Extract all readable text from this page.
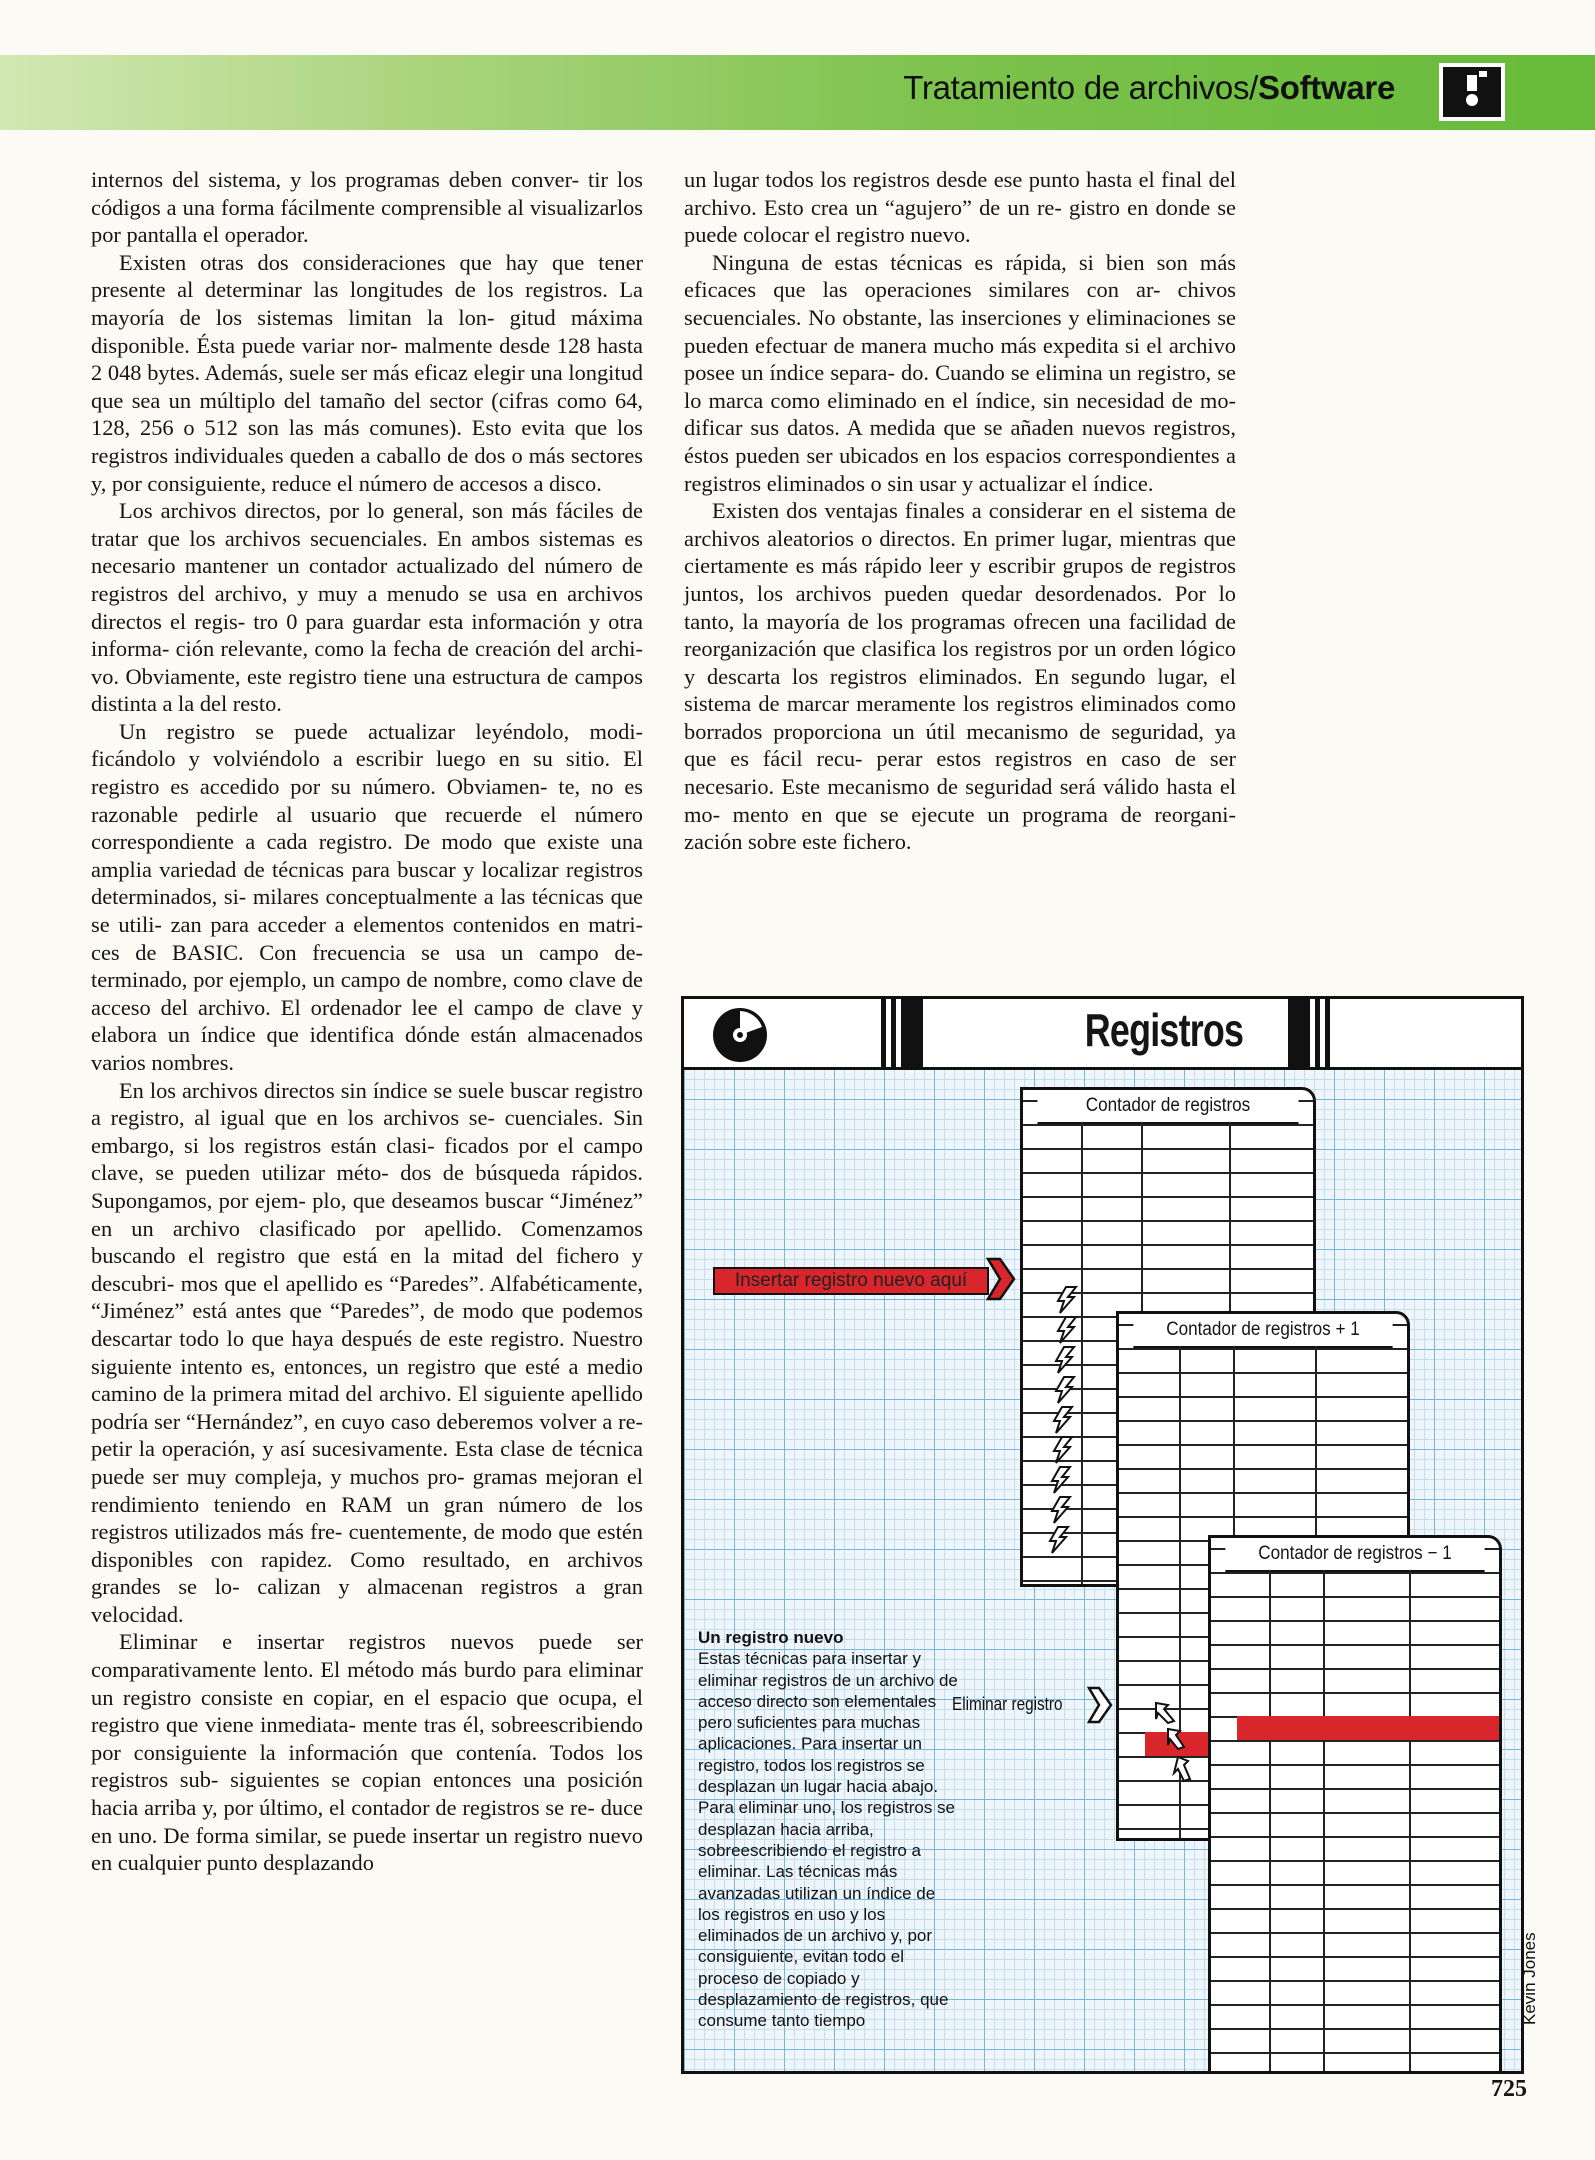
Tratamiento de archivos/Software

internos del sistema, y los programas deben conver- tir los códigos a una forma fácilmente comprensible al visualizarlos por pantalla el operador.

Existen otras dos consideraciones que hay que tener presente al determinar las longitudes de los registros. La mayoría de los sistemas limitan la lon- gitud máxima disponible. Ésta puede variar nor- malmente desde 128 hasta 2 048 bytes. Además, suele ser más eficaz elegir una longitud que sea un múltiplo del tamaño del sector (cifras como 64, 128, 256 o 512 son las más comunes). Esto evita que los registros individuales queden a caballo de dos o más sectores y, por consiguiente, reduce el número de accesos a disco.

Los archivos directos, por lo general, son más fáciles de tratar que los archivos secuenciales. En ambos sistemas es necesario mantener un contador actualizado del número de registros del archivo, y muy a menudo se usa en archivos directos el regis- tro 0 para guardar esta información y otra informa- ción relevante, como la fecha de creación del archi- vo. Obviamente, este registro tiene una estructura de campos distinta a la del resto.

Un registro se puede actualizar leyéndolo, modi- ficándolo y volviéndolo a escribir luego en su sitio. El registro es accedido por su número. Obviamen- te, no es razonable pedirle al usuario que recuerde el número correspondiente a cada registro. De modo que existe una amplia variedad de técnicas para buscar y localizar registros determinados, si- milares conceptualmente a las técnicas que se utili- zan para acceder a elementos contenidos en matri- ces de BASIC. Con frecuencia se usa un campo de- terminado, por ejemplo, un campo de nombre, como clave de acceso del archivo. El ordenador lee el campo de clave y elabora un índice que identifica dónde están almacenados varios nombres.

En los archivos directos sin índice se suele buscar registro a registro, al igual que en los archivos se- cuenciales. Sin embargo, si los registros están clasi- ficados por el campo clave, se pueden utilizar méto- dos de búsqueda rápidos. Supongamos, por ejem- plo, que deseamos buscar “Jiménez” en un archivo clasificado por apellido. Comenzamos buscando el registro que está en la mitad del fichero y descubri- mos que el apellido es “Paredes”. Alfabéticamente, “Jiménez” está antes que “Paredes”, de modo que podemos descartar todo lo que haya después de este registro. Nuestro siguiente intento es, entonces, un registro que esté a medio camino de la primera mitad del archivo. El siguiente apellido podría ser “Hernández”, en cuyo caso deberemos volver a re- petir la operación, y así sucesivamente. Esta clase de técnica puede ser muy compleja, y muchos pro- gramas mejoran el rendimiento teniendo en RAM un gran número de los registros utilizados más fre- cuentemente, de modo que estén disponibles con rapidez. Como resultado, en archivos grandes se lo- calizan y almacenan registros a gran velocidad.

Eliminar e insertar registros nuevos puede ser comparativamente lento. El método más burdo para eliminar un registro consiste en copiar, en el espacio que ocupa, el registro que viene inmediata- mente tras él, sobreescribiendo por consiguiente la información que contenía. Todos los registros sub- siguientes se copian entonces una posición hacia arriba y, por último, el contador de registros se re- duce en uno. De forma similar, se puede insertar un registro nuevo en cualquier punto desplazando

un lugar todos los registros desde ese punto hasta el final del archivo. Esto crea un “agujero” de un re- gistro en donde se puede colocar el registro nuevo.

Ninguna de estas técnicas es rápida, si bien son más eficaces que las operaciones similares con ar- chivos secuenciales. No obstante, las inserciones y eliminaciones se pueden efectuar de manera mucho más expedita si el archivo posee un índice separa- do. Cuando se elimina un registro, se lo marca como eliminado en el índice, sin necesidad de mo- dificar sus datos. A medida que se añaden nuevos registros, éstos pueden ser ubicados en los espacios correspondientes a registros eliminados o sin usar y actualizar el índice.

Existen dos ventajas finales a considerar en el sistema de archivos aleatorios o directos. En primer lugar, mientras que ciertamente es más rápido leer y escribir grupos de registros juntos, los archivos pueden quedar desordenados. Por lo tanto, la mayoría de los programas ofrecen una facilidad de reorganización que clasifica los registros por un orden lógico y descarta los registros eliminados. En segundo lugar, el sistema de marcar meramente los registros eliminados como borrados proporciona un útil mecanismo de seguridad, ya que es fácil recu- perar estos registros en caso de ser necesario. Este mecanismo de seguridad será válido hasta el mo- mento en que se ejecute un programa de reorgani- zación sobre este fichero.

Registros
Contador de registros
Contador de registros + 1
Contador de registros − 1
Insertar registro nuevo aquí
Eliminar registro
Un registro nuevo
Estas técnicas para insertar y eliminar registros de un archivo de acceso directo son elementales pero suficientes para muchas aplicaciones. Para insertar un registro, todos los registros se desplazan un lugar hacia abajo. Para eliminar uno, los registros se desplazan hacia arriba, sobreescribiendo el registro a eliminar. Las técnicas más avanzadas utilizan un índice de los registros en uso y los eliminados de un archivo y, por consiguiente, evitan todo el proceso de copiado y desplazamiento de registros, que consume tanto tiempo	Kevin Jones
725
